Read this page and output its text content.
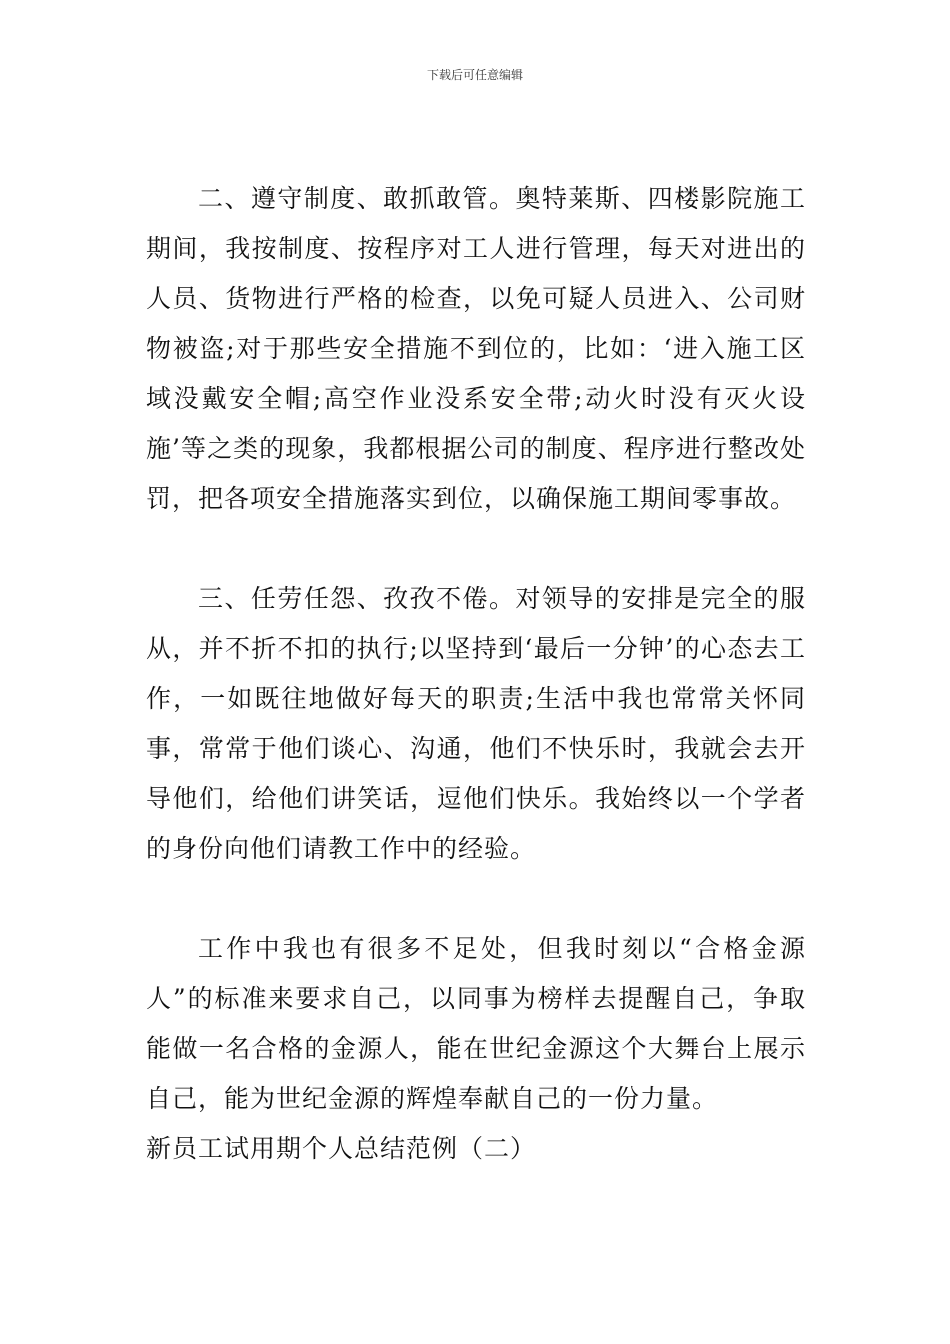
下载后可任意编辑

二、遵守制度、敢抓敢管。奥特莱斯、四楼影院施工期间，我按制度、按程序对工人进行管理，每天对进出的人员、货物进行严格的检查，以免可疑人员进入、公司财物被盗;对于那些安全措施不到位的，比如：‘进入施工区域没戴安全帽;高空作业没系安全带;动火时没有灭火设施’等之类的现象，我都根据公司的制度、程序进行整改处罚，把各项安全措施落实到位，以确保施工期间零事故。

三、任劳任怨、孜孜不倦。对领导的安排是完全的服从，并不折不扣的执行;以坚持到‘最后一分钟’的心态去工作，一如既往地做好每天的职责;生活中我也常常关怀同事，常常于他们谈心、沟通，他们不快乐时，我就会去开导他们，给他们讲笑话，逗他们快乐。我始终以一个学者的身份向他们请教工作中的经验。

工作中我也有很多不足处，但我时刻以“合格金源人”的标准来要求自己，以同事为榜样去提醒自己，争取能做一名合格的金源人，能在世纪金源这个大舞台上展示自己，能为世纪金源的辉煌奉献自己的一份力量。

新员工试用期个人总结范例（二）
